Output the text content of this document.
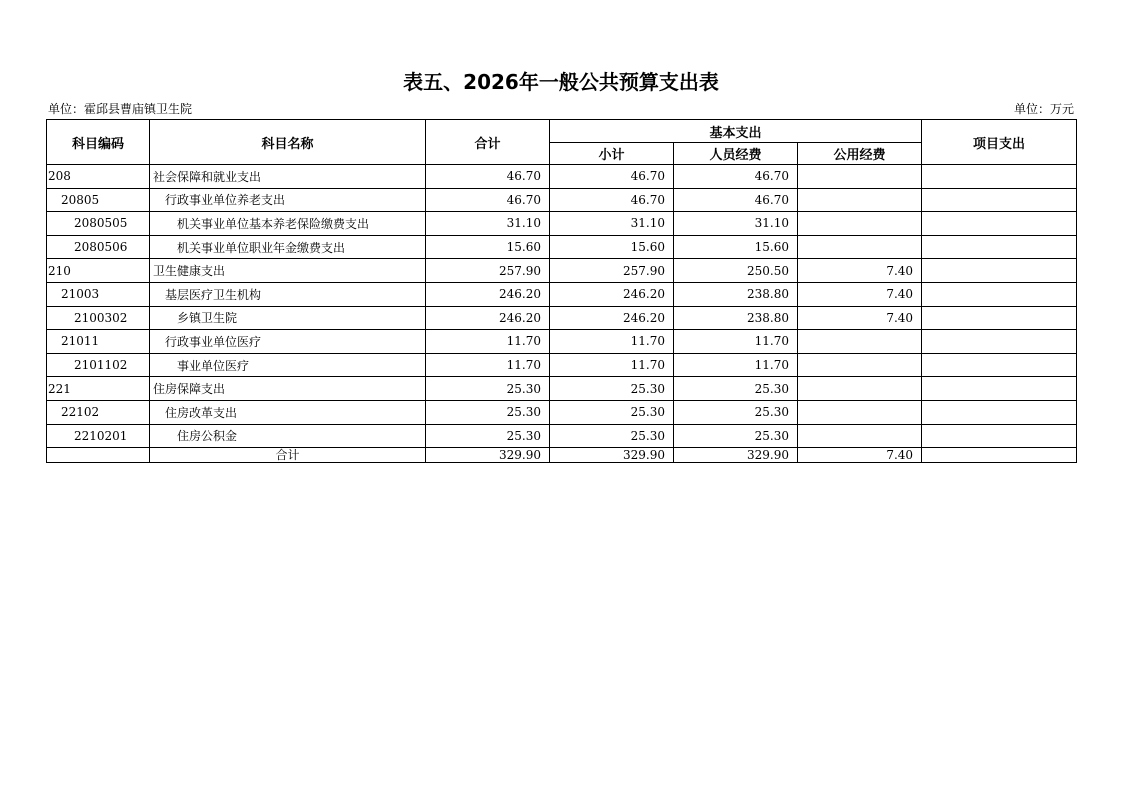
表五、2026年一般公共预算支出表
单位：霍邱县曹庙镇卫生院	单位：万元
科目编码	科目名称	合计	基本支出			项目支出
			小计	人员经费	公用经费	
208	社会保障和就业支出	46.70	46.70	46.70		
20805	行政事业单位养老支出	46.70	46.70	46.70		
2080505	机关事业单位基本养老保险缴费支出	31.10	31.10	31.10		
2080506	机关事业单位职业年金缴费支出	15.60	15.60	15.60		
210	卫生健康支出	257.90	257.90	250.50	7.40	
21003	基层医疗卫生机构	246.20	246.20	238.80	7.40	
2100302	乡镇卫生院	246.20	246.20	238.80	7.40	
21011	行政事业单位医疗	11.70	11.70	11.70		
2101102	事业单位医疗	11.70	11.70	11.70		
221	住房保障支出	25.30	25.30	25.30		
22102	住房改革支出	25.30	25.30	25.30		
2210201	住房公积金	25.30	25.30	25.30		
	合计	329.90	329.90	329.90	7.40	
